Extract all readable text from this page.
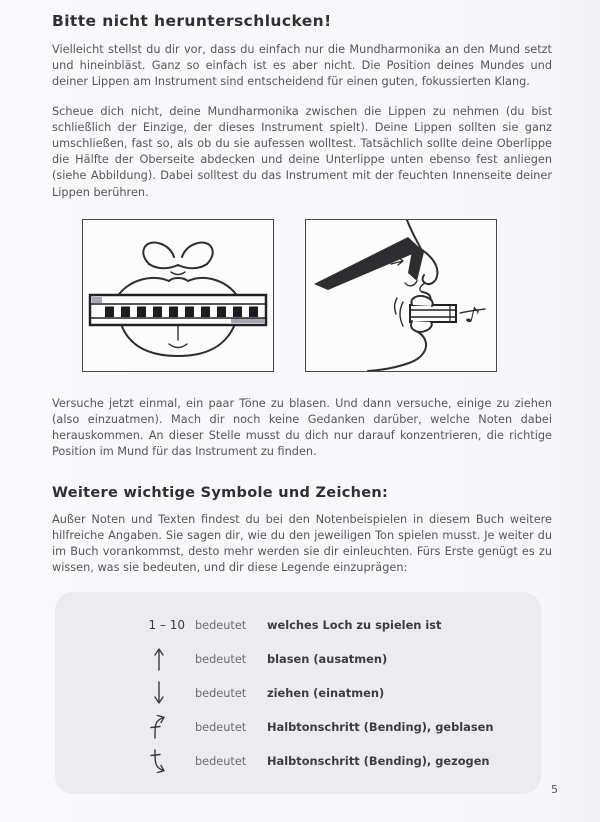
Bitte nicht herunterschlucken!

Vielleicht stellst du dir vor, dass du einfach nur die Mundharmonika an den Mund setzt und hineinbläst. Ganz so einfach ist es aber nicht. Die Position deines Mundes und deiner Lippen am Instrument sind entscheidend für einen guten, fokussierten Klang.

Scheue dich nicht, deine Mundharmonika zwischen die Lippen zu nehmen (du bist schließlich der Einzige, der dieses Instrument spielt). Deine Lippen sollten sie ganz umschließen, fast so, als ob du sie aufessen wolltest. Tatsächlich sollte deine Oberlippe die Hälfte der Oberseite abdecken und deine Unterlippe unten ebenso fest anliegen (siehe Abbildung). Dabei solltest du das Instrument mit der feuchten Innenseite deiner Lippen berühren.

♪

Versuche jetzt einmal, ein paar Töne zu blasen. Und dann versuche, einige zu ziehen (also einzuatmen). Mach dir noch keine Gedanken darüber, welche Noten dabei herauskommen. An dieser Stelle musst du dich nur darauf konzentrieren, die richtige Position im Mund für das Instrument zu finden.

Weitere wichtige Symbole und Zeichen:

Außer Noten und Texten findest du bei den Notenbeispielen in diesem Buch weitere hilfreiche Angaben. Sie sagen dir, wie du den jeweiligen Ton spielen musst. Je weiter du im Buch vorankommst, desto mehr werden sie dir einleuchten. Fürs Erste genügt es zu wissen, was sie bedeuten, und dir diese Legende einzuprägen:

1 – 10 bedeutet	welches Loch zu spielen ist
bedeutet	blasen (ausatmen)
bedeutet	ziehen (einatmen)
bedeutet	Halbtonschritt (Bending), geblasen
bedeutet	Halbtonschritt (Bending), gezogen
5
